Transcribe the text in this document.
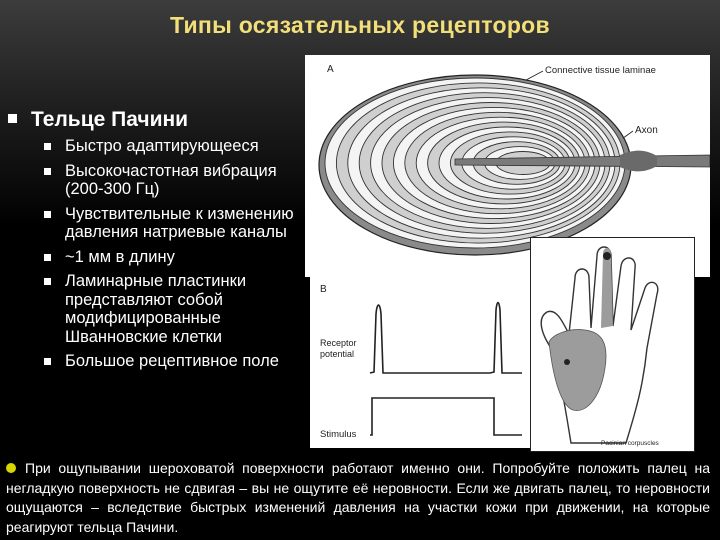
Типы осязательных рецепторов
Тельце Пачини
Быстро адаптирующееся
Высокочастотная вибрация (200-300 Гц)
Чувствительные к изменению давления натриевые каналы
~1 мм в длину
Ламинарные пластинки представляют собой модифицированные Шванновские клетки
Большое рецептивное поле
A	Connective tissue laminae
Axon
B
Receptor
potential
Stimulus
Pacinian corpuscles

При ощупывании шероховатой поверхности работают именно они. Попробуйте положить палец на негладкую поверхность не сдвигая – вы не ощутите её неровности. Если же двигать палец, то неровности ощущаются – вследствие быстрых изменений давления на участки кожи при движении, на которые реагируют тельца Пачини.
